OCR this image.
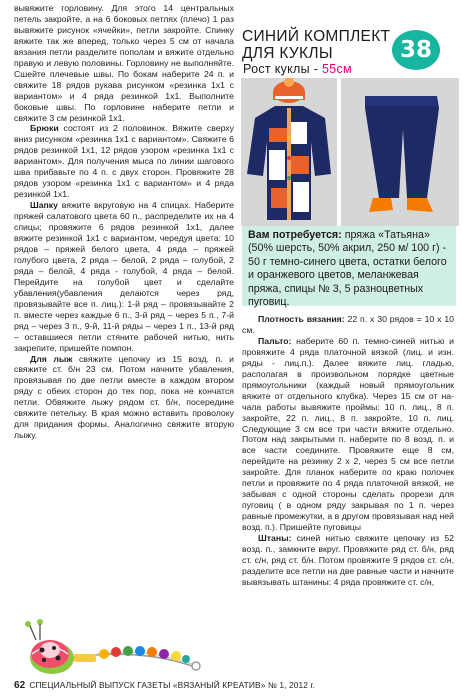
вывяжите горловину. Для этого 14 центральных петель закройте, а на 6 боковых петлях (плечо) 1 раз вывяжите рисунок «ячейки», петли закройте. Спинку вяжите так же вперед, только через 5 см от начала вязания петли разделите пополам и вяжите отдельно правую и левую половины. Горловину не выполняйте. Сшейте плечевые швы. По бокам наберите 24 п. и свяжите 18 рядов рукава рисунком «резинка 1х1 с вариантом» и 4 ряда резинкой 1х1. Выполните боковые швы. По горловине наберите петли и свяжите 3 см резинкой 1х1.

Брюки состоят из 2 половинок. Вяжите сверху вниз рисунком «резинка 1х1 с вариантом». Свяжите 6 рядов резинкой 1х1, 12 рядов узором «резинка 1х1 с вариантом». Для получения мыса по линии шагового шва прибавьте по 4 п. с двух сторон. Провяжите 28 рядов узором «резинка 1х1 с вариантом» и 4 ряда резинкой 1х1.

Шапку вяжите вкруговую на 4 спицах. Наберите пряжей салатового цвета 60 п., распределите их на 4 спицы; провяжите 6 рядов резинкой 1х1, далее вяжите резинкой 1х1 с вариантом, чередуя цвета: 10 рядов – пряжей белого цвета, 4 ряда – пряжей голубого цвета, 2 ряда – белой, 2 ряда – голубой, 2 ряда – белой, 4 ряда - голубой, 4 ряда – белой. Перейдите на голубой цвет и сделайте убавления(убавления делаются через ряд, провязывайте все п. лиц.): 1-й ряд – провязывайте 2 п. вместе через каждые 6 п., 3-й ряд – через 5 п., 7-й ряд – через 3 п., 9-й, 11-й ряды – через 1 п., 13-й ряд – оставшиеся петли стяните рабочей нитью, нить закрепите, пришейте помпон.

Для лыж свяжите цепочку из 15 возд. п. и свяжите ст. б/н 23 см. Потом начните убавления, провязывая по две петли вместе в каждом втором ряду с обеих сторон до тех пор, пока не кончатся петли. Обвяжите лыжу рядом ст. б/н, посередине свяжите петельку. В края можно вставить проволоку для придания формы. Аналогично свяжите вторую лыжу.

СИНИЙ КОМПЛЕКТ ДЛЯ КУКЛЫ	38
Рост куклы - 55см
Вам потребуется: пряжа «Татьяна» (50% шерсть, 50% акрил, 250 м/ 100 г) - 50 г темно-синего цвета, остатки белого и оранжевого цветов, меланжевая пряжа, спицы № 3, 5 разноцветных пуговиц.

Плотность вязания: 22 п. х 30 рядов = 10 х 10 см.

Пальто: наберите 60 п. темно-синей нитью и провяжите 4 ряда платочной вязкой (лиц. и изн. ряды - лиц.п.). Далее вяжите лиц. гладью, располагая в произвольном порядке цветные прямоугольники (каждый новый прямоугольник вяжите от отдельного клубка). Через 15 см от начала работы вывяжите проймы: 10 п. лиц., 8 п. закройте, 22 п. лиц., 8 п. закройте, 10 п. лиц. Следующие 3 см все три части вяжите отдельно. Потом над закрытыми п. наберите по 8 возд. п. и все части соедините. Провяжите еще 8 см, перейдите на резинку 2 х 2, через 5 см все петли закройте. Для планок наберите по краю полочек петли и провяжите по 4 ряда платочной вязкой, не забывая с одной стороны сделать прорези для пуговиц ( в одном ряду закрывая по 1 п. через равные промежутки, а в другом провязывая над ней возд. п.). Пришейте пуговицы

Штаны: синей нитью свяжите цепочку из 52 возд. п., замкните вкруг. Провяжите ряд ст. б/н, ряд ст. с/н, ряд ст. б/н. Потом провяжите 9 рядов ст. с/н, разделите все петли на две равные части и начните вывязывать штанины: 4 ряда провяжите ст. с/н,

62 СПЕЦИАЛЬНЫЙ ВЫПУСК ГАЗЕТЫ «ВЯЗАНЫЙ КРЕАТИВ» № 1, 2012 г.
